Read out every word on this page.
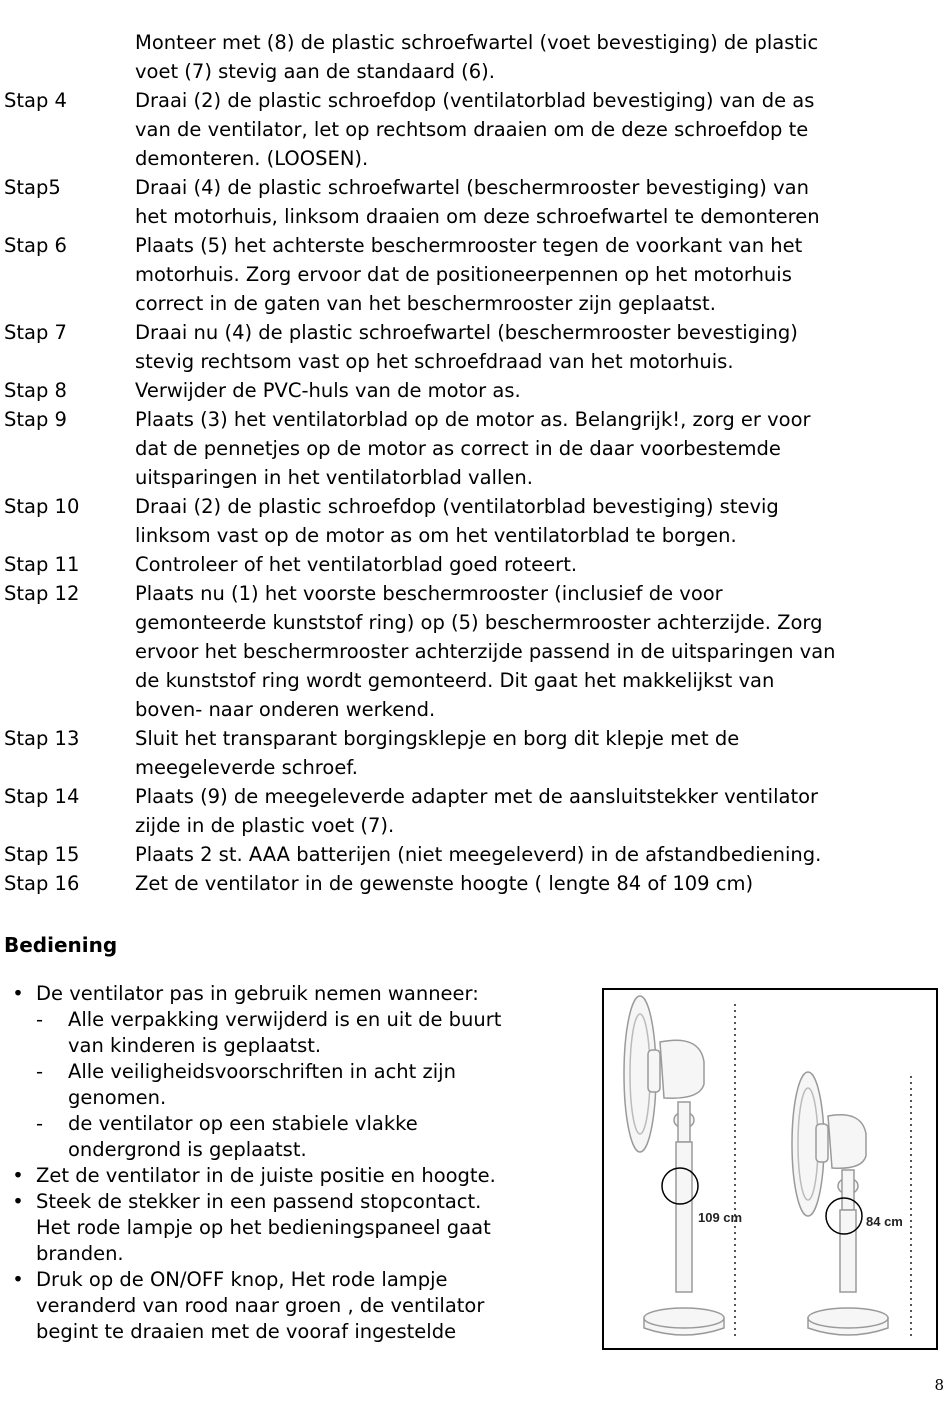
Monteer met (8) de plastic schroefwartel (voet bevestiging) de plastic
voet (7) stevig aan de standaard (6).
Stap 4	Draai (2) de plastic schroefdop (ventilatorblad bevestiging) van de as
van de ventilator, let op rechtsom draaien om de deze schroefdop te
demonteren. (LOOSEN).
Stap5	Draai (4) de plastic schroefwartel (beschermrooster bevestiging) van
het motorhuis, linksom draaien om deze schroefwartel te demonteren
Stap 6	Plaats (5) het achterste beschermrooster tegen de voorkant van het
motorhuis. Zorg ervoor dat de positioneerpennen op het motorhuis
correct in de gaten van het beschermrooster zijn geplaatst.
Stap 7	Draai nu (4) de plastic schroefwartel (beschermrooster bevestiging)
stevig rechtsom vast op het schroefdraad van het motorhuis.
Stap 8	Verwijder de PVC-huls van de motor as.
Stap 9	Plaats (3) het ventilatorblad op de motor as. Belangrijk!, zorg er voor
dat de pennetjes op de motor as correct in de daar voorbestemde
uitsparingen in het ventilatorblad vallen.
Stap 10	Draai (2) de plastic schroefdop (ventilatorblad bevestiging) stevig
linksom vast op de motor as om het ventilatorblad te borgen.
Stap 11	Controleer of het ventilatorblad goed roteert.
Stap 12	Plaats nu (1) het voorste beschermrooster (inclusief de voor
gemonteerde kunststof ring) op (5) beschermrooster achterzijde. Zorg
ervoor het beschermrooster achterzijde passend in de uitsparingen van
de kunststof ring wordt gemonteerd. Dit gaat het makkelijkst van
boven- naar onderen werkend.
Stap 13	Sluit het transparant borgingsklepje en borg dit klepje met de
meegeleverde schroef.
Stap 14	Plaats (9) de meegeleverde adapter met de aansluitstekker ventilator
zijde in de plastic voet (7).
Stap 15	Plaats 2 st. AAA batterijen (niet meegeleverd) in de afstandbediening.
Stap 16	Zet de ventilator in de gewenste hoogte ( lengte 84 of 109 cm)
Bediening
• De ventilator pas in gebruik nemen wanneer:
-	Alle verpakking verwijderd is en uit de buurt
van kinderen is geplaatst.
-	Alle veiligheidsvoorschriften in acht zijn
genomen.
-	de ventilator op een stabiele vlakke
ondergrond is geplaatst.
• Zet de ventilator in de juiste positie en hoogte.
• Steek de stekker in een passend stopcontact.
Het rode lampje op het bedieningspaneel gaat
branden.
• Druk op de ON/OFF knop, Het rode lampje
veranderd van rood naar groen , de ventilator
begint te draaien met de vooraf ingestelde
109 cm	84 cm
8
